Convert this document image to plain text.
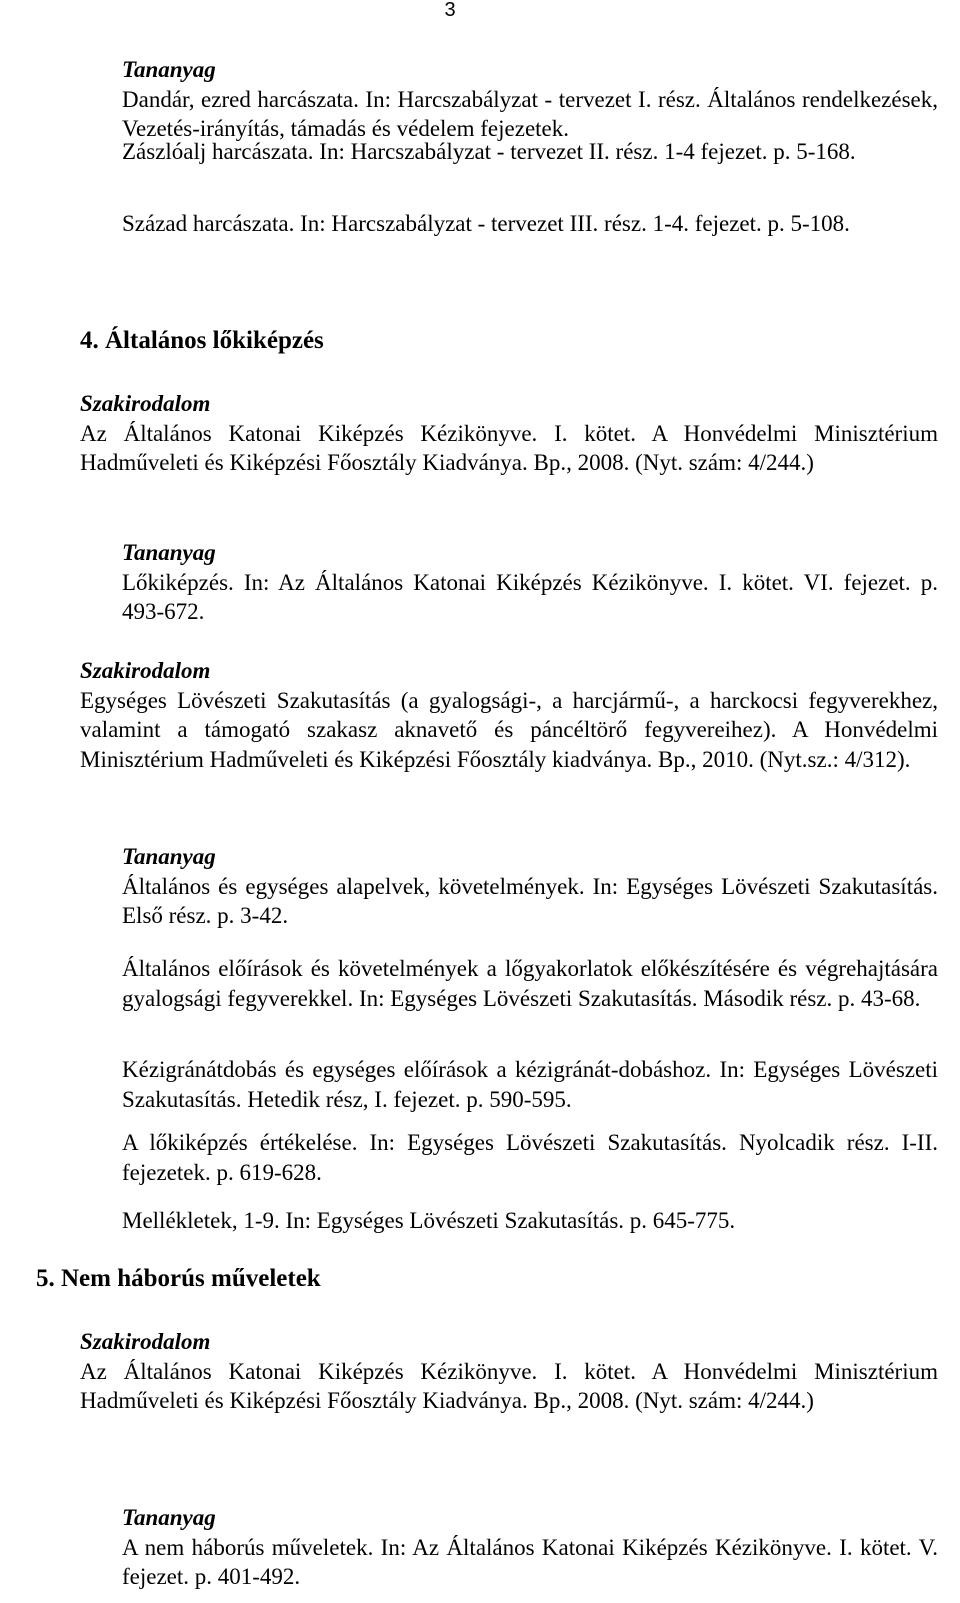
3
Tananyag
Dandár, ezred harcászata. In: Harcszabályzat - tervezet I. rész. Általános rendelkezések, Vezetés-irányítás, támadás és védelem fejezetek.
Zászlóalj harcászata. In: Harcszabályzat - tervezet II. rész. 1-4 fejezet. p. 5-168.
Század harcászata. In: Harcszabályzat - tervezet III. rész. 1-4. fejezet. p. 5-108.
4. Általános lőkiképzés
Szakirodalom
Az Általános Katonai Kiképzés Kézikönyve. I. kötet. A Honvédelmi Minisztérium Hadműveleti és Kiképzési Főosztály Kiadványa. Bp., 2008. (Nyt. szám: 4/244.)
Tananyag
Lőkiképzés. In: Az Általános Katonai Kiképzés Kézikönyve. I. kötet. VI. fejezet. p. 493-672.
Szakirodalom
Egységes Lövészeti Szakutasítás (a gyalogsági-, a harcjármű-, a harckocsi fegyverekhez, valamint a támogató szakasz aknavető és páncéltörő fegyvereihez). A Honvédelmi Minisztérium Hadműveleti és Kiképzési Főosztály kiadványa. Bp., 2010. (Nyt.sz.: 4/312).
Tananyag
Általános és egységes alapelvek, követelmények. In: Egységes Lövészeti Szakutasítás. Első rész. p. 3-42.
Általános előírások és követelmények a lőgyakorlatok előkészítésére és végrehajtására gyalogsági fegyverekkel. In: Egységes Lövészeti Szakutasítás. Második rész. p. 43-68.
Kézigránátdobás és egységes előírások a kézigránát-dobáshoz. In: Egységes Lövészeti Szakutasítás. Hetedik rész, I. fejezet. p. 590-595.
A lőkiképzés értékelése. In: Egységes Lövészeti Szakutasítás. Nyolcadik rész. I-II. fejezetek. p. 619-628.
Mellékletek, 1-9. In: Egységes Lövészeti Szakutasítás. p. 645-775.
5. Nem háborús műveletek
Szakirodalom
Az Általános Katonai Kiképzés Kézikönyve. I. kötet. A Honvédelmi Minisztérium Hadműveleti és Kiképzési Főosztály Kiadványa. Bp., 2008. (Nyt. szám: 4/244.)
Tananyag
A nem háborús műveletek. In: Az Általános Katonai Kiképzés Kézikönyve. I. kötet. V. fejezet. p. 401-492.
